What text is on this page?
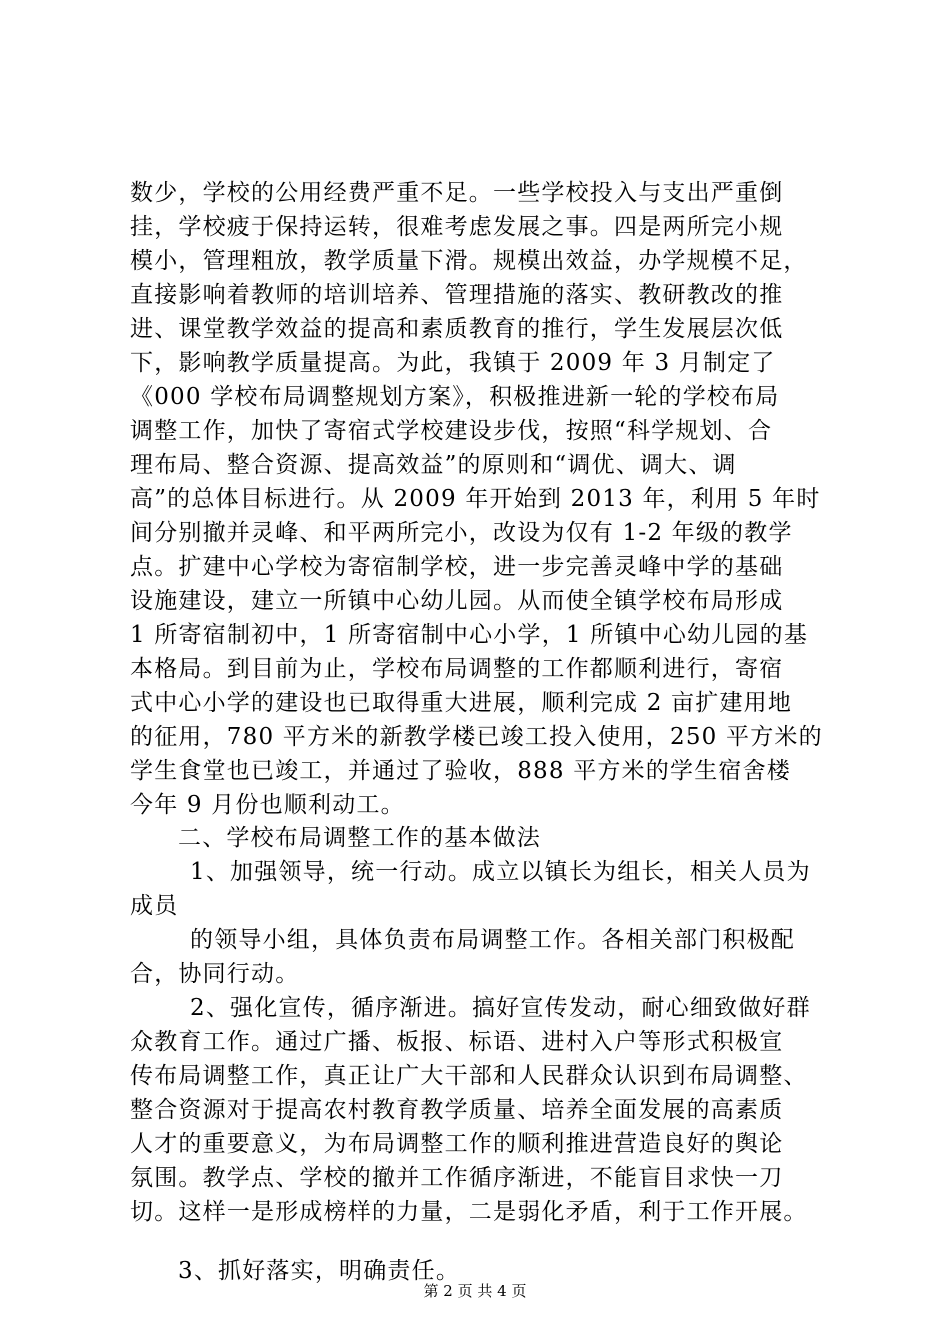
数少，学校的公用经费严重不足。一些学校投入与支出严重倒
挂，学校疲于保持运转，很难考虑发展之事。四是两所完小规
模小，管理粗放，教学质量下滑。规模出效益，办学规模不足，
直接影响着教师的培训培养、管理措施的落实、教研教改的推
进、课堂教学效益的提高和素质教育的推行，学生发展层次低
下，影响教学质量提高。为此，我镇于 2009 年 3 月制定了
《000 学校布局调整规划方案》，积极推进新一轮的学校布局
调整工作，加快了寄宿式学校建设步伐，按照“科学规划、合
理布局、整合资源、提高效益”的原则和“调优、调大、调
高”的总体目标进行。从 2009 年开始到 2013 年，利用 5 年时
间分别撤并灵峰、和平两所完小，改设为仅有 1-2 年级的教学
点。扩建中心学校为寄宿制学校，进一步完善灵峰中学的基础
设施建设，建立一所镇中心幼儿园。从而使全镇学校布局形成
1 所寄宿制初中，1 所寄宿制中心小学，1 所镇中心幼儿园的基
本格局。到目前为止，学校布局调整的工作都顺利进行，寄宿
式中心小学的建设也已取得重大进展，顺利完成 2 亩扩建用地
的征用，780 平方米的新教学楼已竣工投入使用，250 平方米的
学生食堂也已竣工，并通过了验收，888 平方米的学生宿舍楼
今年 9 月份也顺利动工。
二、学校布局调整工作的基本做法
1、加强领导，统一行动。成立以镇长为组长，相关人员为
成员
的领导小组，具体负责布局调整工作。各相关部门积极配
合，协同行动。
2、强化宣传，循序渐进。搞好宣传发动，耐心细致做好群
众教育工作。通过广播、板报、标语、进村入户等形式积极宣
传布局调整工作，真正让广大干部和人民群众认识到布局调整、
整合资源对于提高农村教育教学质量、培养全面发展的高素质
人才的重要意义，为布局调整工作的顺利推进营造良好的舆论
氛围。教学点、学校的撤并工作循序渐进，不能盲目求快一刀
切。这样一是形成榜样的力量，二是弱化矛盾，利于工作开展。
3、抓好落实，明确责任。
第 2 页 共 4 页
